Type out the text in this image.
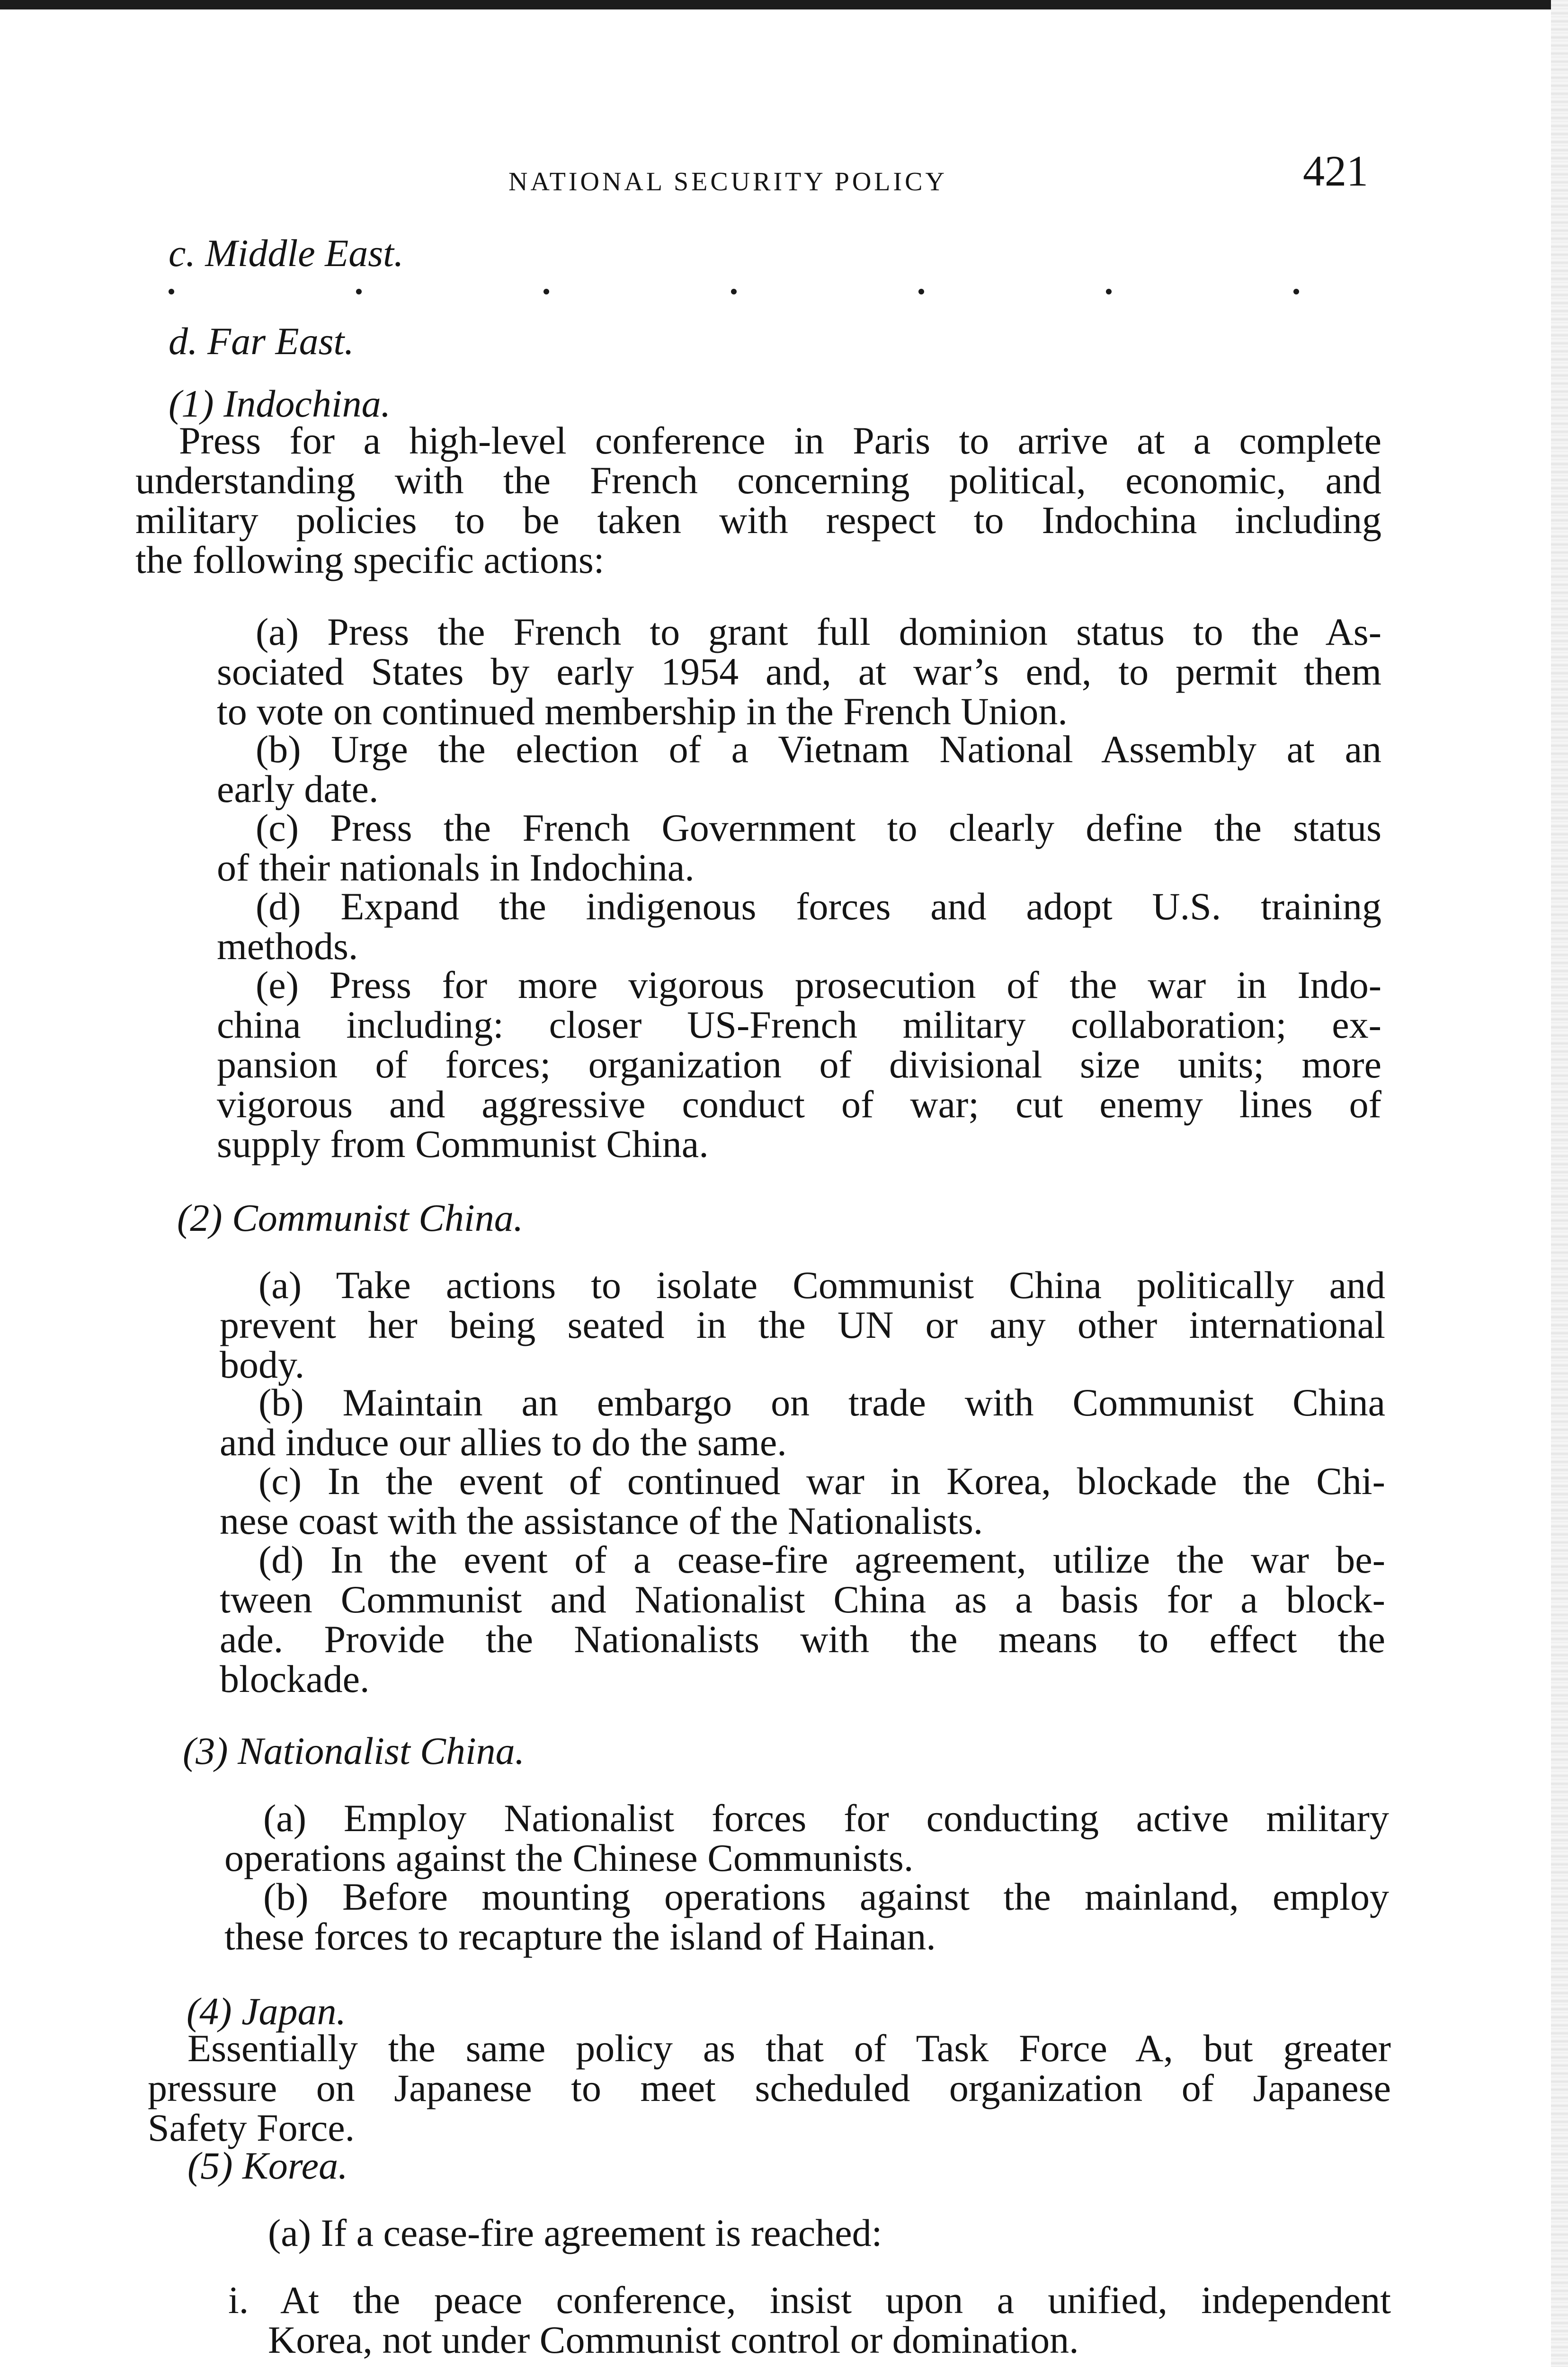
NATIONAL SECURITY POLICY	421
c. Middle East.
d. Far East.
(1) Indochina.
Press for a high-level conference in Paris to arrive at a complete
understanding with the French concerning political, economic, and
military policies to be taken with respect to Indochina including
the following specific actions:
(a) Press the French to grant full dominion status to the As-
sociated States by early 1954 and, at war’s end, to permit them
to vote on continued membership in the French Union.
(b) Urge the election of a Vietnam National Assembly at an
early date.
(c) Press the French Government to clearly define the status
of their nationals in Indochina.
(d) Expand the indigenous forces and adopt U.S. training
methods.
(e) Press for more vigorous prosecution of the war in Indo-
china including: closer US-French military collaboration; ex-
pansion of forces; organization of divisional size units; more
vigorous and aggressive conduct of war; cut enemy lines of
supply from Communist China.
(2) Communist China.
(a) Take actions to isolate Communist China politically and
prevent her being seated in the UN or any other international
body.
(b) Maintain an embargo on trade with Communist China
and induce our allies to do the same.
(c) In the event of continued war in Korea, blockade the Chi-
nese coast with the assistance of the Nationalists.
(d) In the event of a cease-fire agreement, utilize the war be-
tween Communist and Nationalist China as a basis for a block-
ade. Provide the Nationalists with the means to effect the
blockade.
(3) Nationalist China.
(a) Employ Nationalist forces for conducting active military
operations against the Chinese Communists.
(b) Before mounting operations against the mainland, employ
these forces to recapture the island of Hainan.
(4) Japan.
Essentially the same policy as that of Task Force A, but greater
pressure on Japanese to meet scheduled organization of Japanese
Safety Force.
(5) Korea.
(a) If a cease-fire agreement is reached:
i. At the peace conference, insist upon a unified, independent
Korea, not under Communist control or domination.
